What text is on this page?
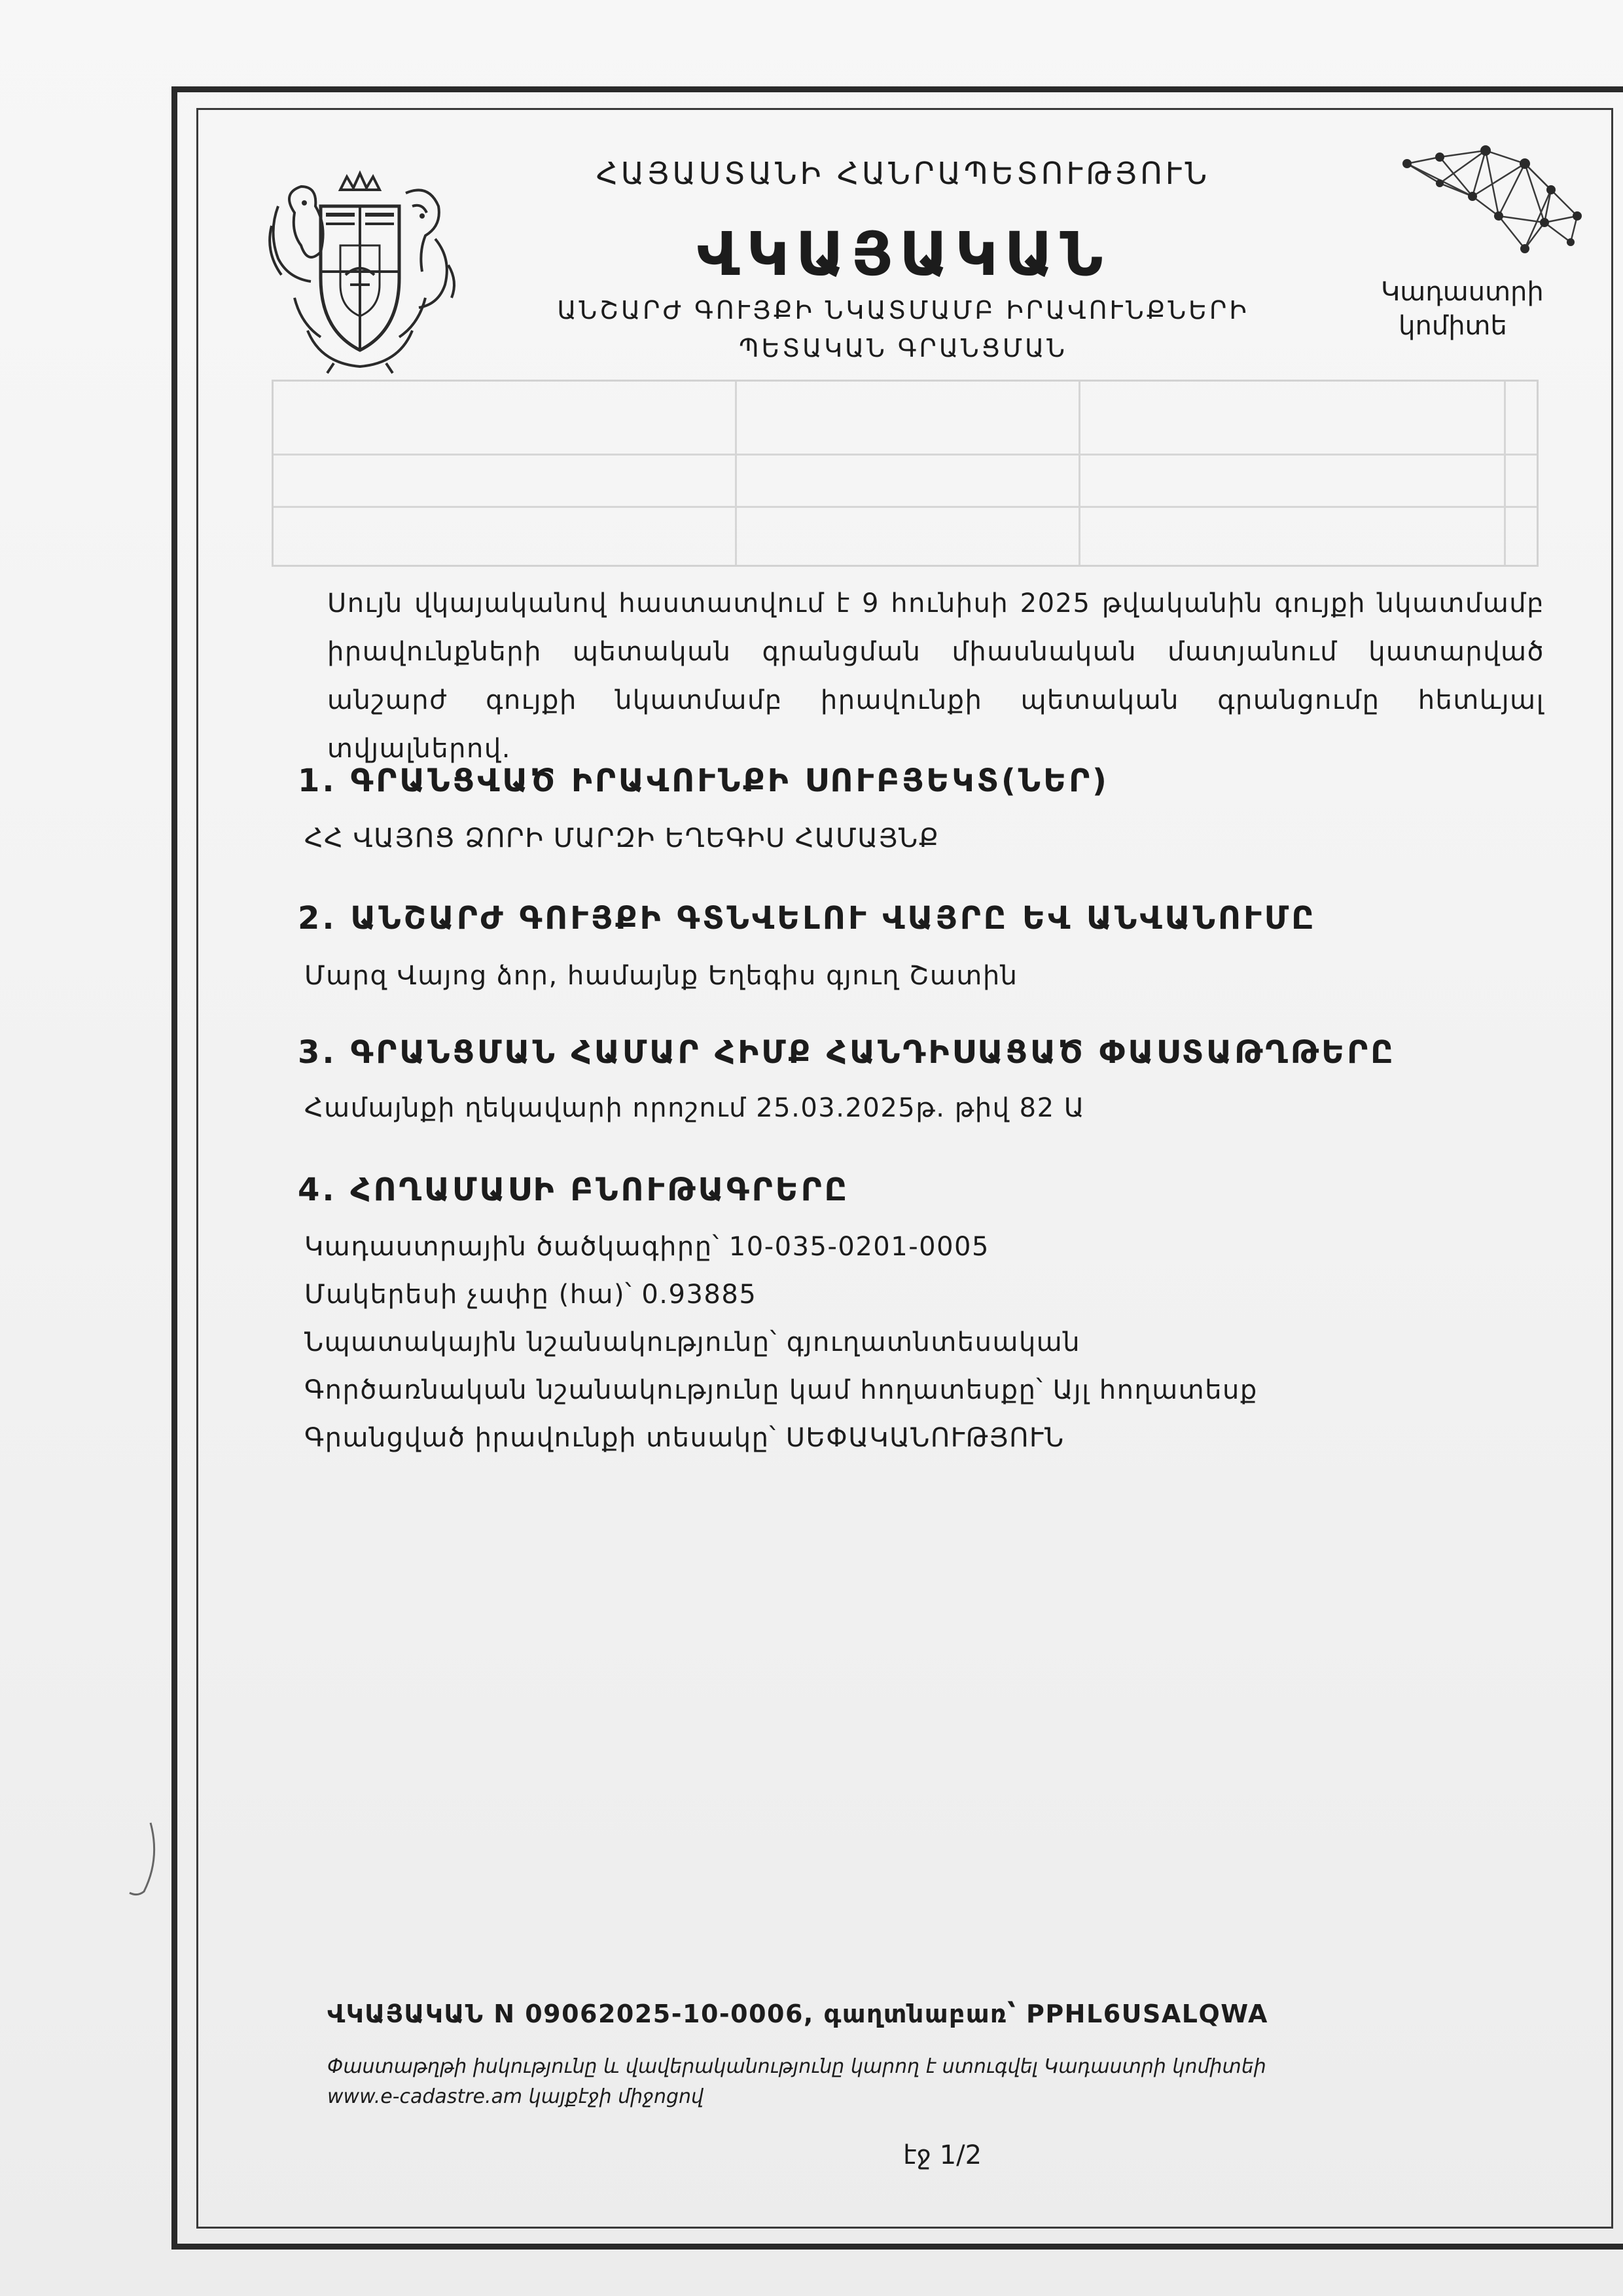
ՀԱՅԱՍՏԱՆԻ ՀԱՆՐԱՊԵՏՈՒԹՅՈՒՆ
ՎԿԱՅԱԿԱՆ
ԱՆՇԱՐԺ ԳՈՒՅՔԻ ՆԿԱՏՄԱՄԲ ԻՐԱՎՈՒՆՔՆԵՐԻ
ՊԵՏԱԿԱՆ ԳՐԱՆՑՄԱՆ
Կադաստրի
կոմիտե
Սույն վկայականով հաստատվում է 9 հունիսի 2025 թվականին գույքի նկատմամբ իրավունքների պետական գրանցման միասնական մատյանում կատարված անշարժ գույքի նկատմամբ իրավունքի պետական գրանցումը հետևյալ տվյալներով.
1. ԳՐԱՆՑՎԱԾ ԻՐԱՎՈՒՆՔԻ ՍՈՒԲՅԵԿՏ(ՆԵՐ)
ՀՀ ՎԱՅՈՑ ՁՈՐԻ ՄԱՐԶԻ ԵՂԵԳԻՍ ՀԱՄԱՅՆՔ
2. ԱՆՇԱՐԺ ԳՈՒՅՔԻ ԳՏՆՎԵԼՈՒ ՎԱՅՐԸ ԵՎ ԱՆՎԱՆՈՒՄԸ
Մարզ Վայոց ձոր, համայնք Եղեգիս գյուղ Շատին
3. ԳՐԱՆՑՄԱՆ ՀԱՄԱՐ ՀԻՄՔ ՀԱՆԴԻՍԱՑԱԾ ՓԱՍՏԱԹՂԹԵՐԸ
Համայնքի ղեկավարի որոշում 25.03.2025թ. թիվ 82 Ա
4. ՀՈՂԱՄԱՍԻ ԲՆՈՒԹԱԳՐԵՐԸ
Կադաստրային ծածկագիրը՝ 10-035-0201-0005
Մակերեսի չափը (հա)՝ 0.93885
Նպատակային նշանակությունը՝ գյուղատնտեսական
Գործառնական նշանակությունը կամ հողատեսքը՝ Այլ հողատեսք
Գրանցված իրավունքի տեսակը՝ ՍԵՓԱԿԱՆՈՒԹՅՈՒՆ
ՎԿԱՅԱԿԱՆ N 09062025-10-0006, գաղտնաբառ՝ PPHL6USALQWA
Փաստաթղթի իսկությունը և վավերականությունը կարող է ստուգվել Կադաստրի կոմիտեի
www.e-cadastre.am կայքէջի միջոցով
էջ 1/2
